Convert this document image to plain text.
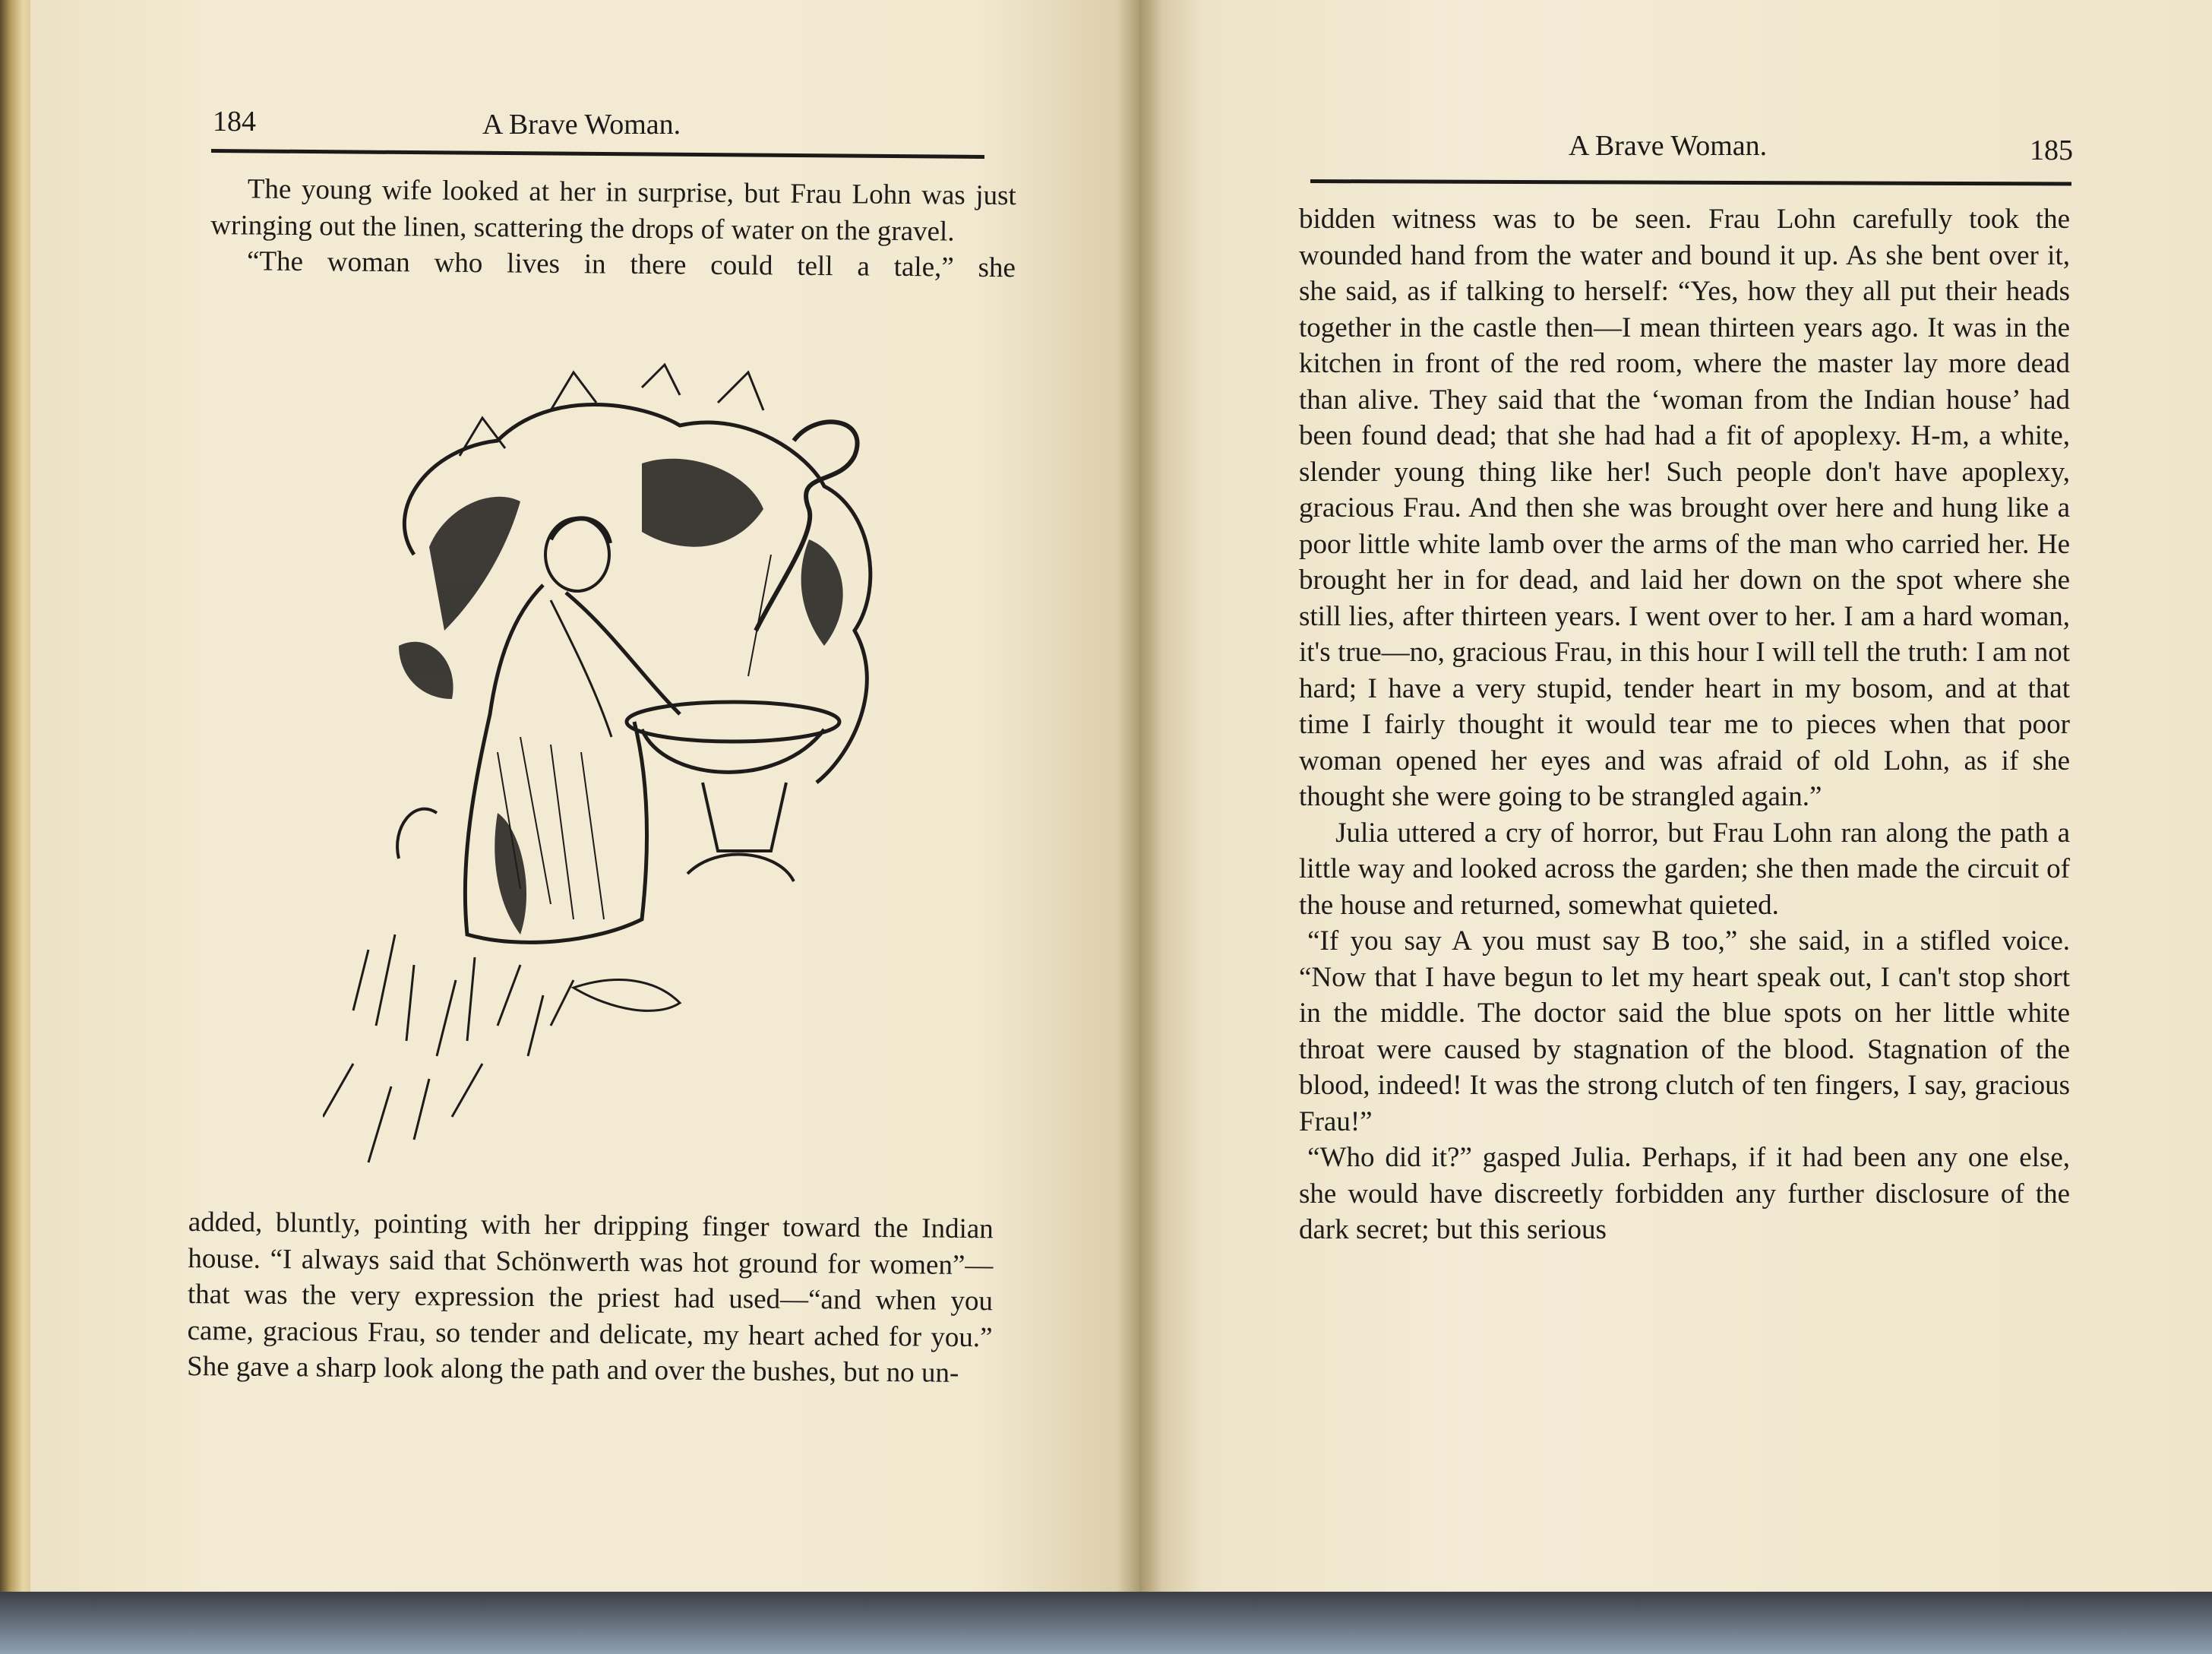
184	A Brave Woman.

The young wife looked at her in surprise, but Frau Lohn was just wringing out the linen, scattering the drops of water on the gravel.

“The woman who lives in there could tell a tale,” she

added, bluntly, pointing with her dripping finger toward the Indian house. “I always said that Schönwerth was hot ground for women”—that was the very expression the priest had used—“and when you came, gracious Frau, so tender and delicate, my heart ached for you.” She gave a sharp look along the path and over the bushes, but no un-

A Brave Woman.	185

bidden witness was to be seen. Frau Lohn carefully took the wounded hand from the water and bound it up. As she bent over it, she said, as if talking to herself: “Yes, how they all put their heads together in the castle then—I mean thirteen years ago. It was in the kitchen in front of the red room, where the master lay more dead than alive. They said that the ‘woman from the Indian house’ had been found dead; that she had had a fit of apoplexy. H-m, a white, slender young thing like her! Such people don't have apoplexy, gracious Frau. And then she was brought over here and hung like a poor little white lamb over the arms of the man who carried her. He brought her in for dead, and laid her down on the spot where she still lies, after thirteen years. I went over to her. I am a hard woman, it's true—no, gracious Frau, in this hour I will tell the truth: I am not hard; I have a very stupid, tender heart in my bosom, and at that time I fairly thought it would tear me to pieces when that poor woman opened her eyes and was afraid of old Lohn, as if she thought she were going to be strangled again.”

Julia uttered a cry of horror, but Frau Lohn ran along the path a little way and looked across the garden; she then made the circuit of the house and returned, somewhat quieted.

“If you say A you must say B too,” she said, in a stifled voice. “Now that I have begun to let my heart speak out, I can't stop short in the middle. The doctor said the blue spots on her little white throat were caused by stagnation of the blood. Stagnation of the blood, indeed! It was the strong clutch of ten fingers, I say, gracious Frau!”

“Who did it?” gasped Julia. Perhaps, if it had been any one else, she would have discreetly forbidden any further disclosure of the dark secret; but this serious
